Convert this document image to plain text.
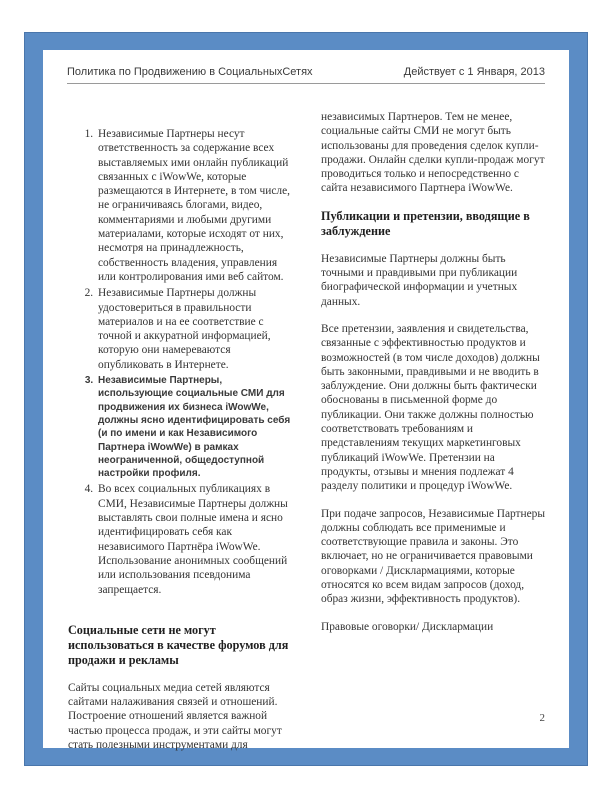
Политика по Продвижению в СоциальныхСетях	Действует с 1 Января, 2013
1. Независимые Партнеры несут ответственность за содержание всех выставляемых ими онлайн публикаций связанных с iWowWe, которые размещаются в Интернете, в том числе, не ограничиваясь блогами, видео, комментариями и любыми другими материалами, которые исходят от них, несмотря на принадлежность, собственность владения, управления или контролирования ими веб сайтом.
2. Независимые Партнеры должны удостовериться в правильности материалов и на ее соответствие с точной и аккуратной информацией, которую они намереваются опубликовать в Интернете.
3. Независимые Партнеры, использующие социальные СМИ для продвижения их бизнеса iWowWe, должны ясно идентифицировать себя (и по имени и как Независимого Партнера iWowWe) в рамках неограниченной, общедоступной настройки профиля.
4. Во всех социальных публикациях в СМИ, Независимые Партнеры должны выставлять свои полные имена и ясно идентифицировать себя как независимого Партнёра iWowWe. Использование анонимных сообщений или использования псевдонима запрещается.

Социальные сети не могут использоваться в качестве форумов для продажи и рекламы

Сайты социальных медиа сетей являются сайтами налаживания связей и отношений. Построение отношений является важной частью процесса продаж, и эти сайты могут стать полезными инструментами для

независимых Партнеров. Тем не менее, социальные сайты СМИ не могут быть использованы для проведения сделок купли-продажи. Онлайн сделки купли-продаж могут проводиться только и непосредственно с сайта независимого Партнера iWowWe.

Публикации и претензии, вводящие в заблуждение

Независимые Партнеры должны быть точными и правдивыми при публикации биографической информации и учетных данных.

Все претензии, заявления и свидетельства, связанные с эффективностью продуктов и возможностей (в том числе доходов) должны быть законными, правдивыми и не вводить в заблуждение. Они должны быть фактически обоснованы в письменной форме до публикации. Они также должны полностью соответствовать требованиям и представлениям текущих маркетинговых публикаций iWowWe. Претензии на продукты, отзывы и мнения подлежат 4 разделу политики и процедур iWowWe.

При подаче запросов, Независимые Партнеры должны соблюдать все применимые и соответствующие правила и законы. Это включает, но не ограничивается правовыми оговорками / Дисклармациями, которые относятся ко всем видам запросов (доход, образ жизни, эффективность продуктов).

Правовые оговорки/ Дисклармации

2
